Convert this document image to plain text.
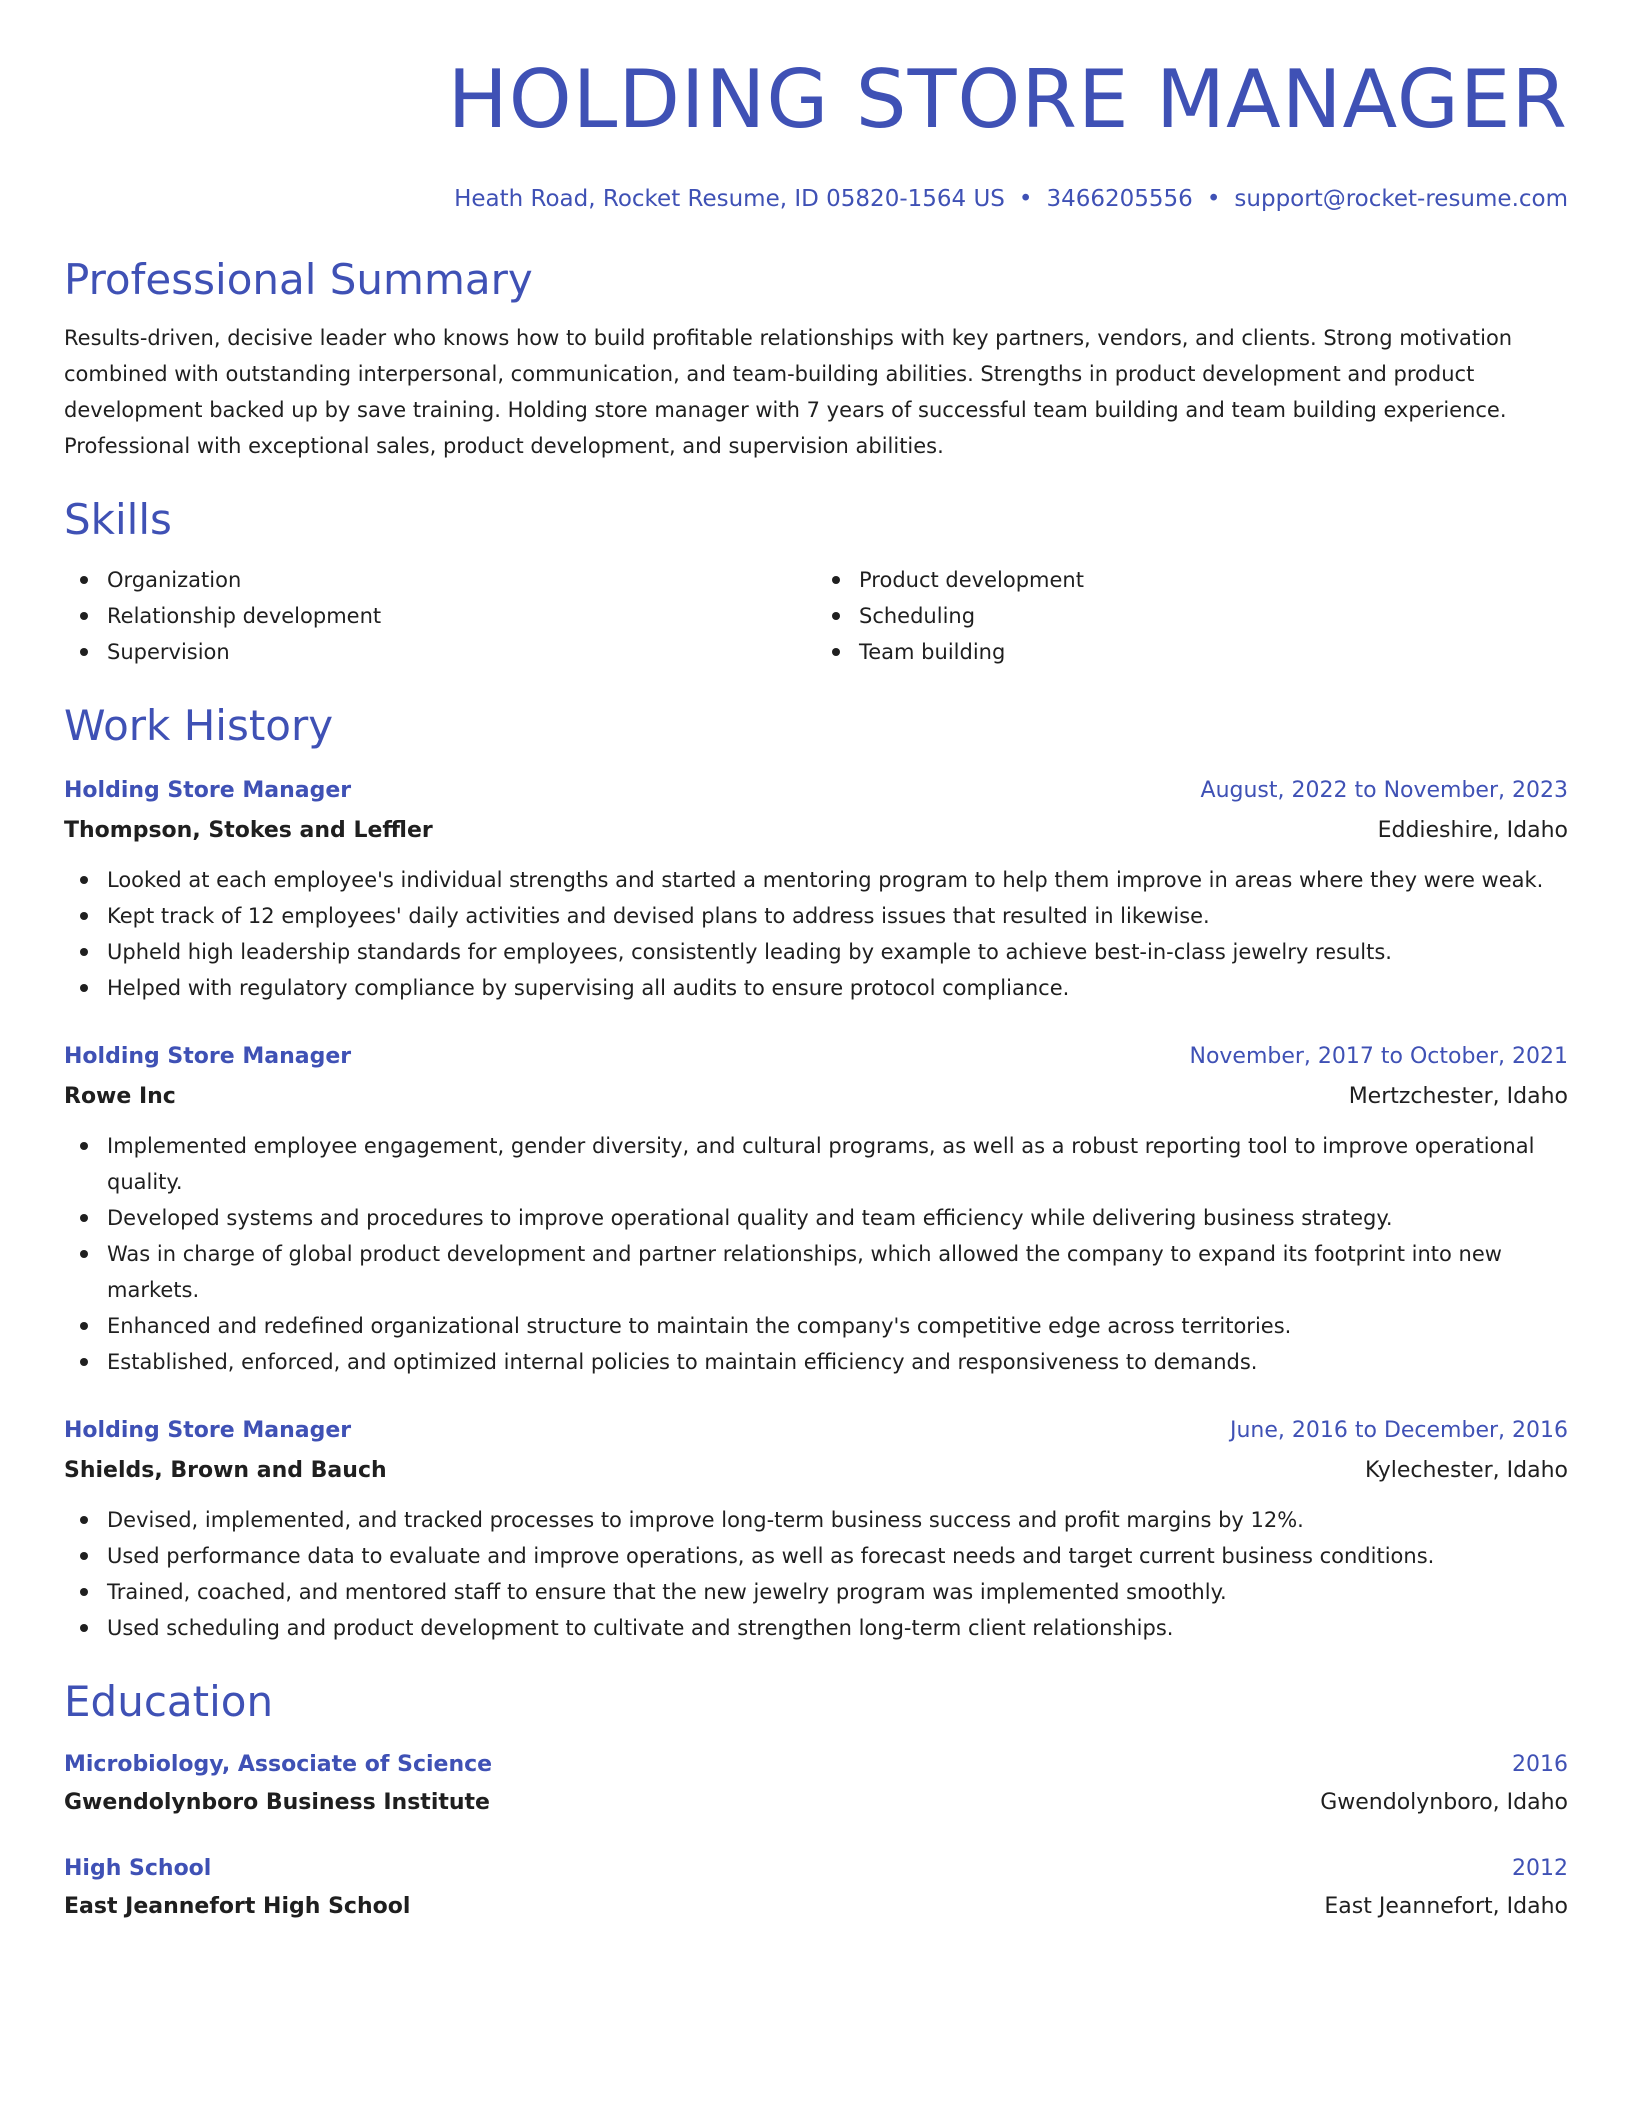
HOLDING STORE MANAGER
Heath Road, Rocket Resume, ID 05820-1564 US • 3466205556 • support@rocket-resume.com
Professional Summary
Results-driven, decisive leader who knows how to build profitable relationships with key partners, vendors, and clients. Strong motivation combined with outstanding interpersonal, communication, and team-building abilities. Strengths in product development and product development backed up by save training. Holding store manager with 7 years of successful team building and team building experience. Professional with exceptional sales, product development, and supervision abilities.
Skills
Organization
Relationship development
Supervision
Product development
Scheduling
Team building
Work History
Holding Store Manager	August, 2022 to November, 2023
Thompson, Stokes and Leffler	Eddieshire, Idaho
Looked at each employee's individual strengths and started a mentoring program to help them improve in areas where they were weak.
Kept track of 12 employees' daily activities and devised plans to address issues that resulted in likewise.
Upheld high leadership standards for employees, consistently leading by example to achieve best-in-class jewelry results.
Helped with regulatory compliance by supervising all audits to ensure protocol compliance.
Holding Store Manager	November, 2017 to October, 2021
Rowe Inc	Mertzchester, Idaho
Implemented employee engagement, gender diversity, and cultural programs, as well as a robust reporting tool to improve operational quality.
Developed systems and procedures to improve operational quality and team efficiency while delivering business strategy.
Was in charge of global product development and partner relationships, which allowed the company to expand its footprint into new markets.
Enhanced and redefined organizational structure to maintain the company's competitive edge across territories.
Established, enforced, and optimized internal policies to maintain efficiency and responsiveness to demands.
Holding Store Manager	June, 2016 to December, 2016
Shields, Brown and Bauch	Kylechester, Idaho
Devised, implemented, and tracked processes to improve long-term business success and profit margins by 12%.
Used performance data to evaluate and improve operations, as well as forecast needs and target current business conditions.
Trained, coached, and mentored staff to ensure that the new jewelry program was implemented smoothly.
Used scheduling and product development to cultivate and strengthen long-term client relationships.
Education
Microbiology, Associate of Science	2016
Gwendolynboro Business Institute	Gwendolynboro, Idaho
High School	2012
East Jeannefort High School	East Jeannefort, Idaho
